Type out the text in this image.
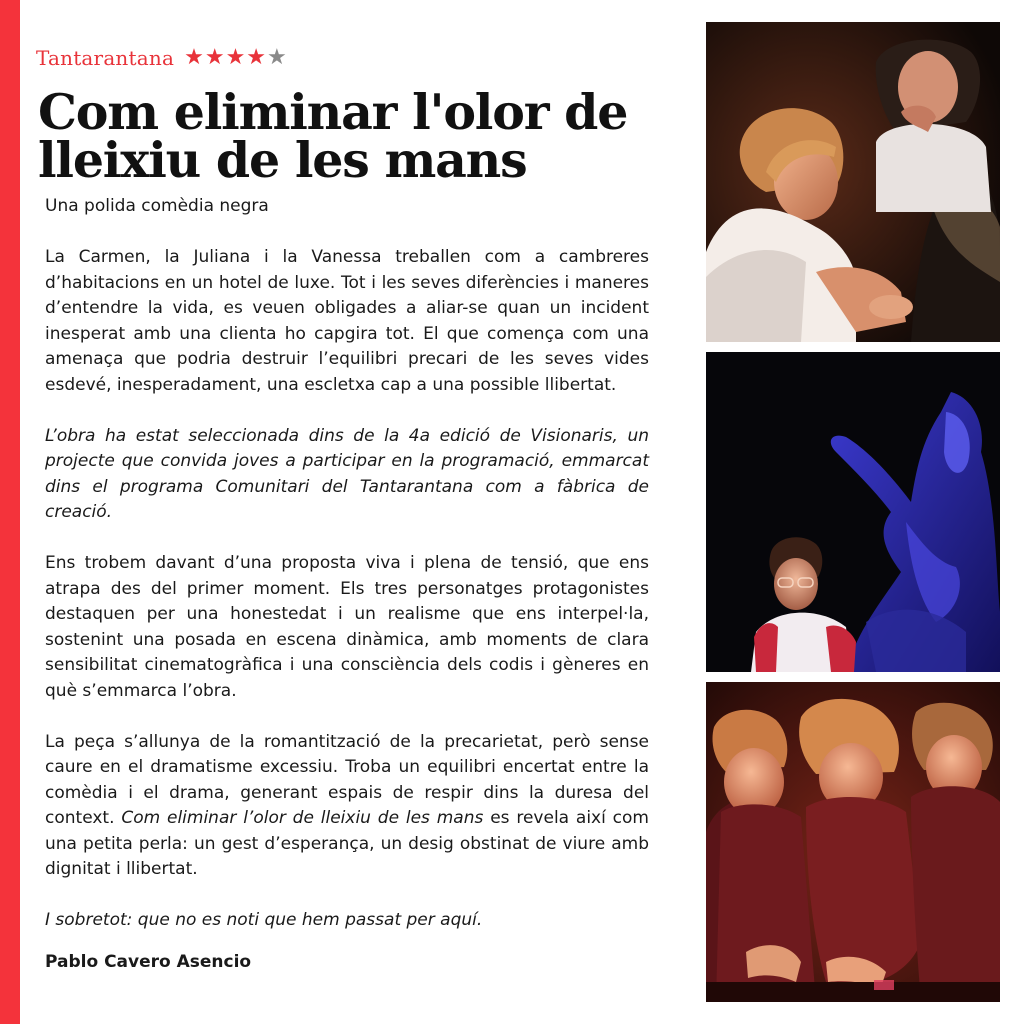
Tantarantana ★ ★ ★ ★ ★
Com eliminar l'olor de
lleixiu de les mans

Una polida comèdia negra

La Carmen, la Juliana i la Vanessa treballen com a cambreres d’habitacions en un hotel de luxe. Tot i les seves diferències i maneres d’entendre la vida, es veuen obligades a aliar-se quan un incident inesperat amb una clienta ho capgira tot. El que comença com una amenaça que podria destruir l’equilibri precari de les seves vides esdevé, inesperadament, una escletxa cap a una possible llibertat.

L’obra ha estat seleccionada dins de la 4a edició de Visionaris, un projecte que convida joves a participar en la programació, emmarcat dins el programa Comunitari del Tantarantana com a fàbrica de creació.

Ens trobem davant d’una proposta viva i plena de tensió, que ens atrapa des del primer moment. Els tres personatges protagonistes destaquen per una honestedat i un realisme que ens interpel·la, sostenint una posada en escena dinàmica, amb moments de clara sensibilitat cinematogràfica i una consciència dels codis i gèneres en què s’emmarca l’obra.

La peça s’allunya de la romantització de la precarietat, però sense caure en el dramatisme excessiu. Troba un equilibri encertat entre la comèdia i el drama, generant espais de respir dins la duresa del context. Com eliminar l’olor de lleixiu de les mans es revela així com una petita perla: un gest d’esperança, un desig obstinat de viure amb dignitat i llibertat.

I sobretot: que no es noti que hem passat per aquí.

Pablo Cavero Asencio
